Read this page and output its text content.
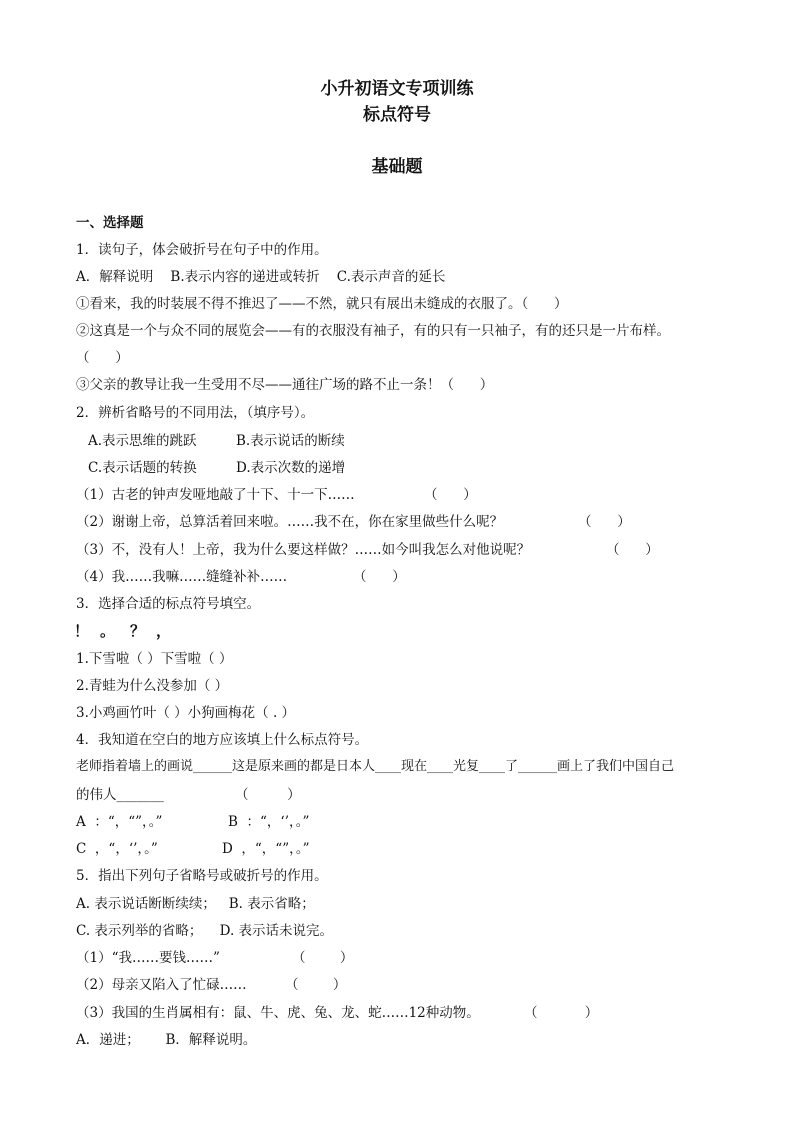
小升初语文专项训练
标点符号
基础题
一、选择题
1．读句子，体会破折号在句子中的作用。
A．解释说明    B.表示内容的递进或转折    C.表示声音的延长
①看来，我的时装展不得不推迟了——不然，就只有展出未缝成的衣服了。（      ）
②这真是一个与众不同的展览会——有的衣服没有袖子，有的只有一只袖子，有的还只是一片布样。
（      ）
③父亲的教导让我一生受用不尽——通往广场的路不止一条！（      ）
2．辨析省略号的不同用法，（填序号）。
A.表示思维的跳跃	B.表示说话的断续
C.表示话题的转换	D.表示次数的递增
（1）古老的钟声发哑地敲了十下、十一下……	（      ）
（2）谢谢上帝，总算活着回来啦。……我不在，你在家里做些什么呢？	（      ）
（3）不，没有人！上帝，我为什么要这样做？……如今叫我怎么对他说呢？	（      ）
（4）我……我嘛……缝缝补补……	（      ）
3．选择合适的标点符号填空。
！ 。 ？ ，
1.下雪啦（ ）下雪啦（ ）
2.青蛙为什么没参加（ ）
3.小鸡画竹叶（ ）小狗画梅花（ . ）
4．我知道在空白的地方应该填上什么标点符号。
老师指着墙上的画说______这是原来画的都是日本人____现在____光复____了______画上了我们中国自己
的伟人_______	（         ）
A  ：“，“”，。”	B  ：“，‘’，。”
C  ，“，‘’，。”	D  ，“，“”，。”
5．指出下列句子省略号或破折号的作用。
A. 表示说话断断续续；   B. 表示省略；
C. 表示列举的省略；    D. 表示话未说完。
（1）“我……要钱……”	（        ）
（2）母亲又陷入了忙碌……	（        ）
（3）我国的生肖属相有：鼠、牛、虎、兔、龙、蛇……12种动物。	（           ）
A．递进；      B．解释说明。
